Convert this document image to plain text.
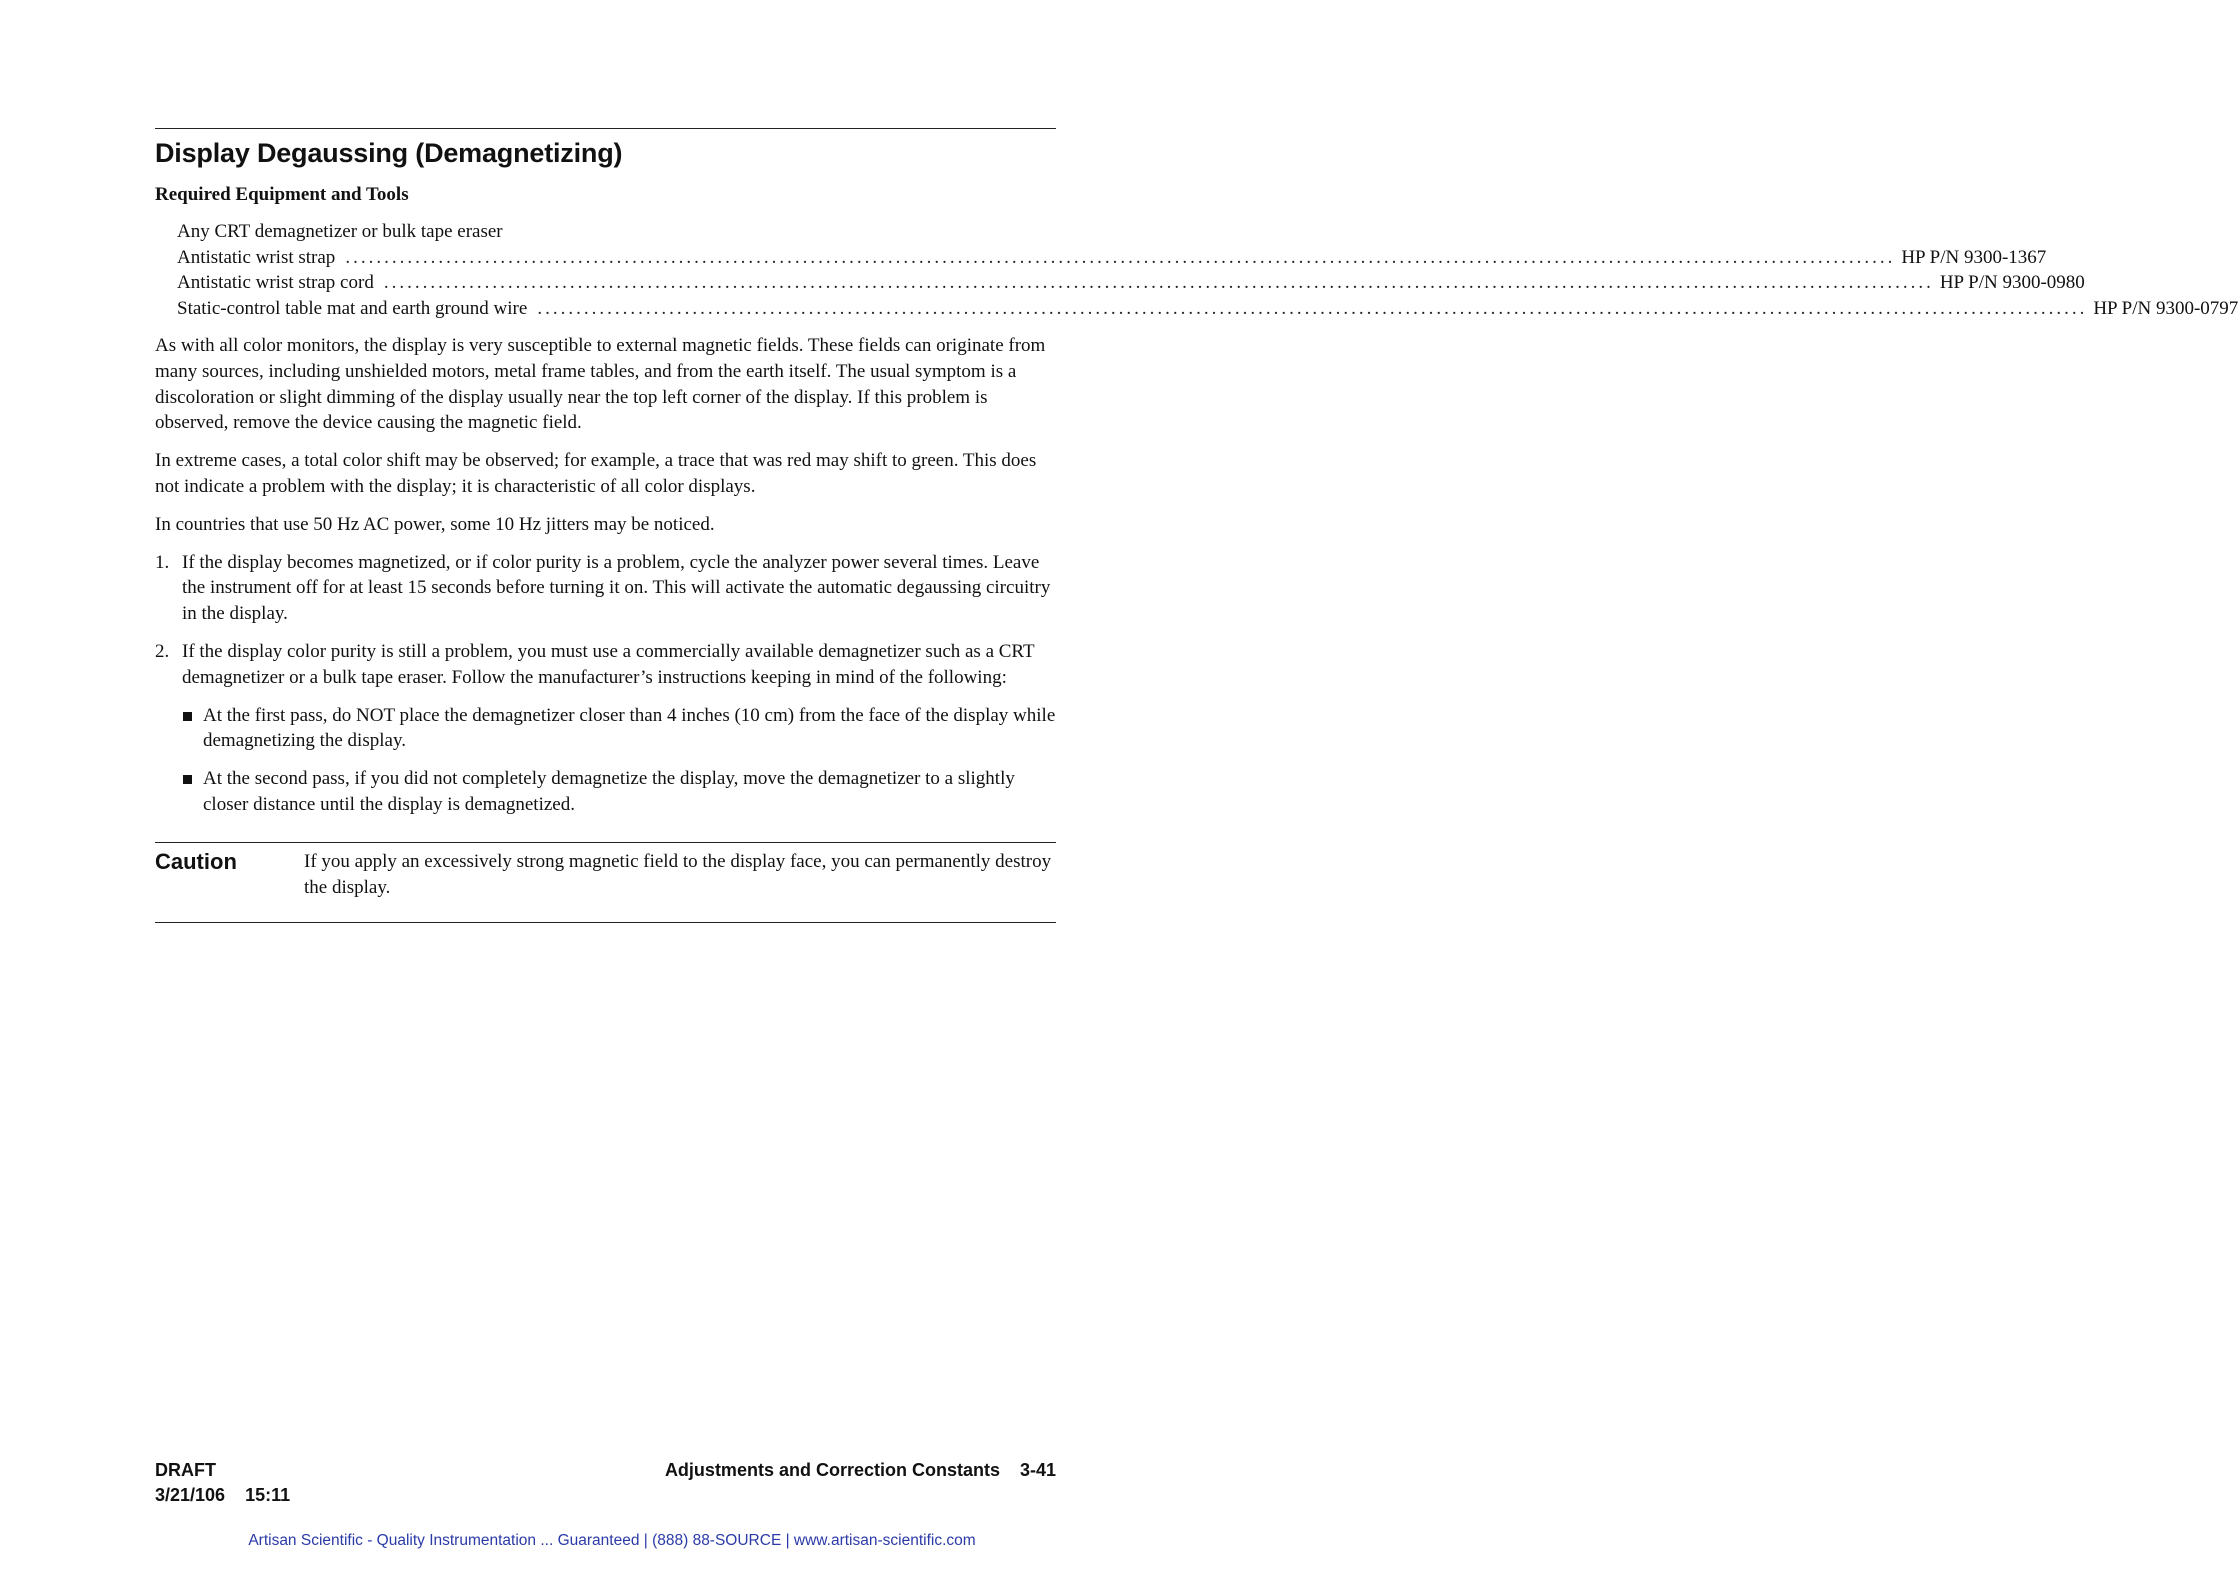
Display Degaussing (Demagnetizing)
Required Equipment and Tools
Any CRT demagnetizer or bulk tape eraser
Antistatic wrist strap ........................................................................................................................................................................................................ HP P/N 9300-1367
Antistatic wrist strap cord ........................................................................................................................................................................................................ HP P/N 9300-0980
Static-control table mat and earth ground wire ........................................................................................................................................................................................................ HP P/N 9300-0797

As with all color monitors, the display is very susceptible to external magnetic fields. These fields can originate from many sources, including unshielded motors, metal frame tables, and from the earth itself. The usual symptom is a discoloration or slight dimming of the display usually near the top left corner of the display. If this problem is observed, remove the device causing the magnetic field.

In extreme cases, a total color shift may be observed; for example, a trace that was red may shift to green. This does not indicate a problem with the display; it is characteristic of all color displays.

In countries that use 50 Hz AC power, some 10 Hz jitters may be noticed.

1. If the display becomes magnetized, or if color purity is a problem, cycle the analyzer power several times. Leave the instrument off for at least 15 seconds before turning it on. This will activate the automatic degaussing circuitry in the display.
2. If the display color purity is still a problem, you must use a commercially available demagnetizer such as a CRT demagnetizer or a bulk tape eraser. Follow the manufacturer’s instructions keeping in mind of the following:
At the first pass, do NOT place the demagnetizer closer than 4 inches (10 cm) from the face of the display while demagnetizing the display.
At the second pass, if you did not completely demagnetize the display, move the demagnetizer to a slightly closer distance until the display is demagnetized.
Caution	If you apply an excessively strong magnetic field to the display face, you can permanently destroy the display.
DRAFT	Adjustments and Correction Constants 3-41
3/21/106 15:11
Artisan Scientific - Quality Instrumentation ... Guaranteed | (888) 88-SOURCE | www.artisan-scientific.com
